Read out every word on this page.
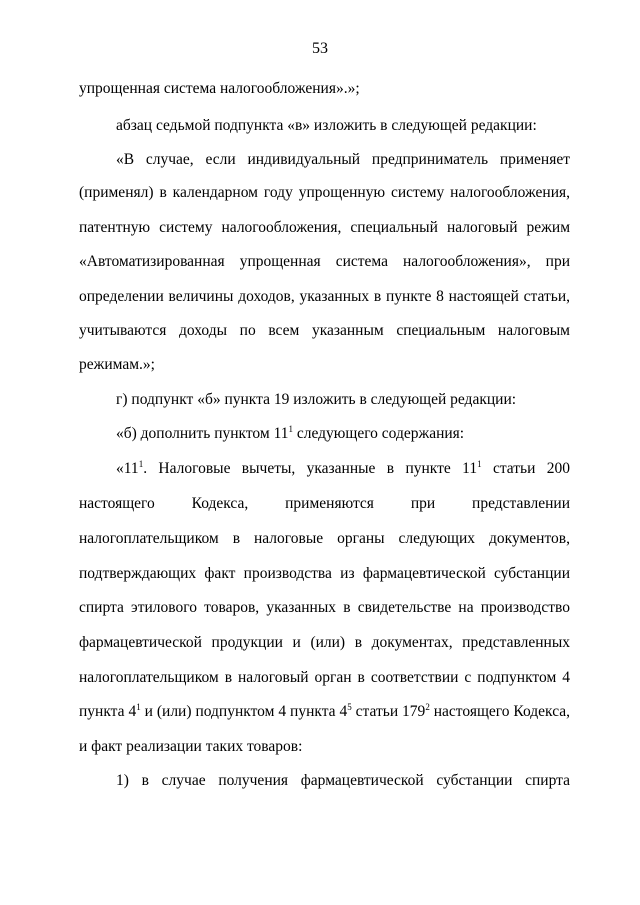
53
упрощенная система налогообложения».»;
абзац седьмой подпункта «в» изложить в следующей редакции:
«В случае, если индивидуальный предприниматель применяет
(применял) в календарном году упрощенную систему налогообложения,
патентную систему налогообложения, специальный налоговый режим
«Автоматизированная упрощенная система налогообложения», при
определении величины доходов, указанных в пункте 8 настоящей статьи,
учитываются доходы по всем указанным специальным налоговым
режимам.»;
г) подпункт «б» пункта 19 изложить в следующей редакции:
«б) дополнить пунктом $11^1$ следующего содержания:
«$11^1$. Налоговые вычеты, указанные в пункте $11^1$ статьи 200
настоящего Кодекса, применяются при представлении
налогоплательщиком в налоговые органы следующих документов,
подтверждающих факт производства из фармацевтической субстанции
спирта этилового товаров, указанных в свидетельстве на производство
фармацевтической продукции и (или) в документах, представленных
налогоплательщиком в налоговый орган в соответствии с подпунктом 4
пункта $4^1$ и (или) подпунктом 4 пункта $4^5$ статьи $179^2$ настоящего Кодекса,
и факт реализации таких товаров:
1) в случае получения фармацевтической субстанции спирта
